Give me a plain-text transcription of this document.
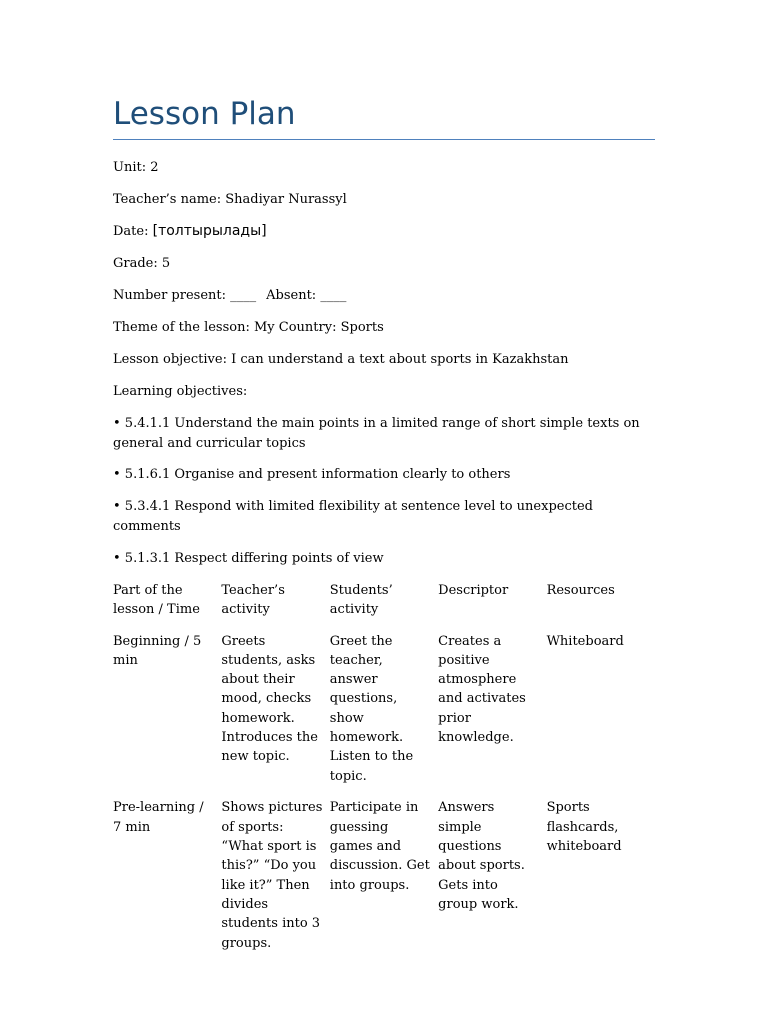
Lesson Plan

Unit: 2

Teacher’s name: Shadiyar Nurassyl

Date: [толтырылады]

Grade: 5

Number present: ____ Absent: ____

Theme of the lesson: My Country: Sports

Lesson objective: I can understand a text about sports in Kazakhstan

Learning objectives:

• 5.4.1.1 Understand the main points in a limited range of short simple texts on general and curricular topics

• 5.1.6.1 Organise and present information clearly to others

• 5.3.4.1 Respond with limited flexibility at sentence level to unexpected comments

• 5.1.3.1 Respect differing points of view

Part of the lesson / Time	Teacher’s activity	Students’ activity	Descriptor	Resources
Beginning / 5 min	Greets students, asks about their mood, checks homework. Introduces the new topic.	Greet the teacher, answer questions, show homework. Listen to the topic.	Creates a positive atmosphere and activates prior knowledge.	Whiteboard
Pre-learning / 7 min	Shows pictures of sports: “What sport is this?” “Do you like it?” Then divides students into 3 groups.	Participate in guessing games and discussion. Get into groups.	Answers simple questions about sports. Gets into group work.	Sports flashcards, whiteboard
